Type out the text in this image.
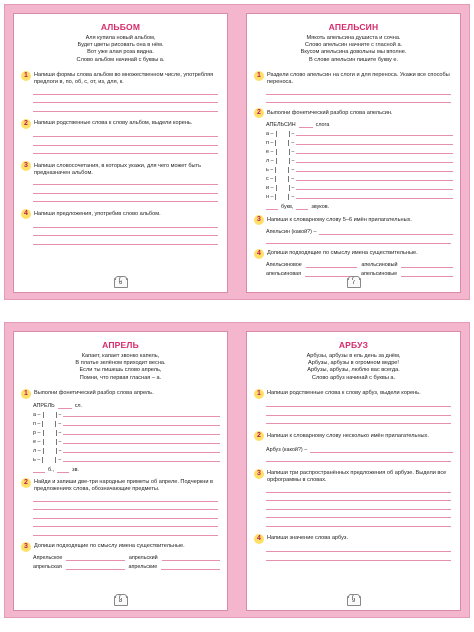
АЛЬБОМ
Аля купила новый альбом,
Будет цветы рисовать она в нём.
Вот уже алая роза видна.
Слово альбом начинай с буквы а.
1	Напиши формы слова альбом во множественном числе, употребляя предлоги в, по, об, с, от, из, для, к.
2	Напиши родственные слова к слову альбом, выдели корень.
3	Напиши словосочетания, в которых укажи, для чего может быть предназначен альбом.
4	Напиши предложения, употребив слово альбом.
6
АПЕЛЬСИН
Мякоть апельсина душиста и сочна.
Слово апельсин начните с гласной а.
Вкусом апельсина довольны мы вполне.
В слове апельсин пишите букву е.
1	Раздели слово апельсин на слоги и для переноса. Укажи все способы переноса.
2	Выполни фонетический разбор слова апельсин.
АПЕЛЬСИН	слога
а –	–
п –	–
е –	–
л –	–
ь –	–
с –	–
и –	–
н –	–
букв,	звуков.
3	Напиши к словарному слову 5–6 имён прилагательных.
Апельсин (какой?) –
4	Допиши подходящие по смыслу имена существительные.
Апельсиновое	апельсиновый
апельсиновая	апельсиновые
7
АПРЕЛЬ
Капает, капает звонко капель,
В платье зелёном приходит весна.
Если ты пишешь слово апрель,
Помни, что первая гласная – а.
1	Выполни фонетический разбор слова апрель.
АПРЕЛЬ	сл.
а –	–
п –	–
р –	–
е –	–
л –	–
ь –	–
б.,	зв.
2	Найди и запиши две-три народные приметы об апреле. Подчеркни в предложениях слова, обозначающие предметы.
3	Допиши подходящие по смыслу имена существительные.
Апрельское	апрельский
апрельская	апрельские
8
АРБУЗ
Арбузы, арбузы в ель день за днём,
Арбузы, арбузы в огромном ведре!
Арбузы, арбузы, люблю вас всегда.
Слово арбуз начинай с буквы а.
1	Напиши родственные слова к слову арбуз, выдели корень.
2	Напиши к словарному слову несколько имён прилагательных.
Арбуз (какой?) –
3	Напиши три распространённых предложения об арбузе. Выдели все орфограммы в словах.
4	Напиши значение слова арбуз.
9
